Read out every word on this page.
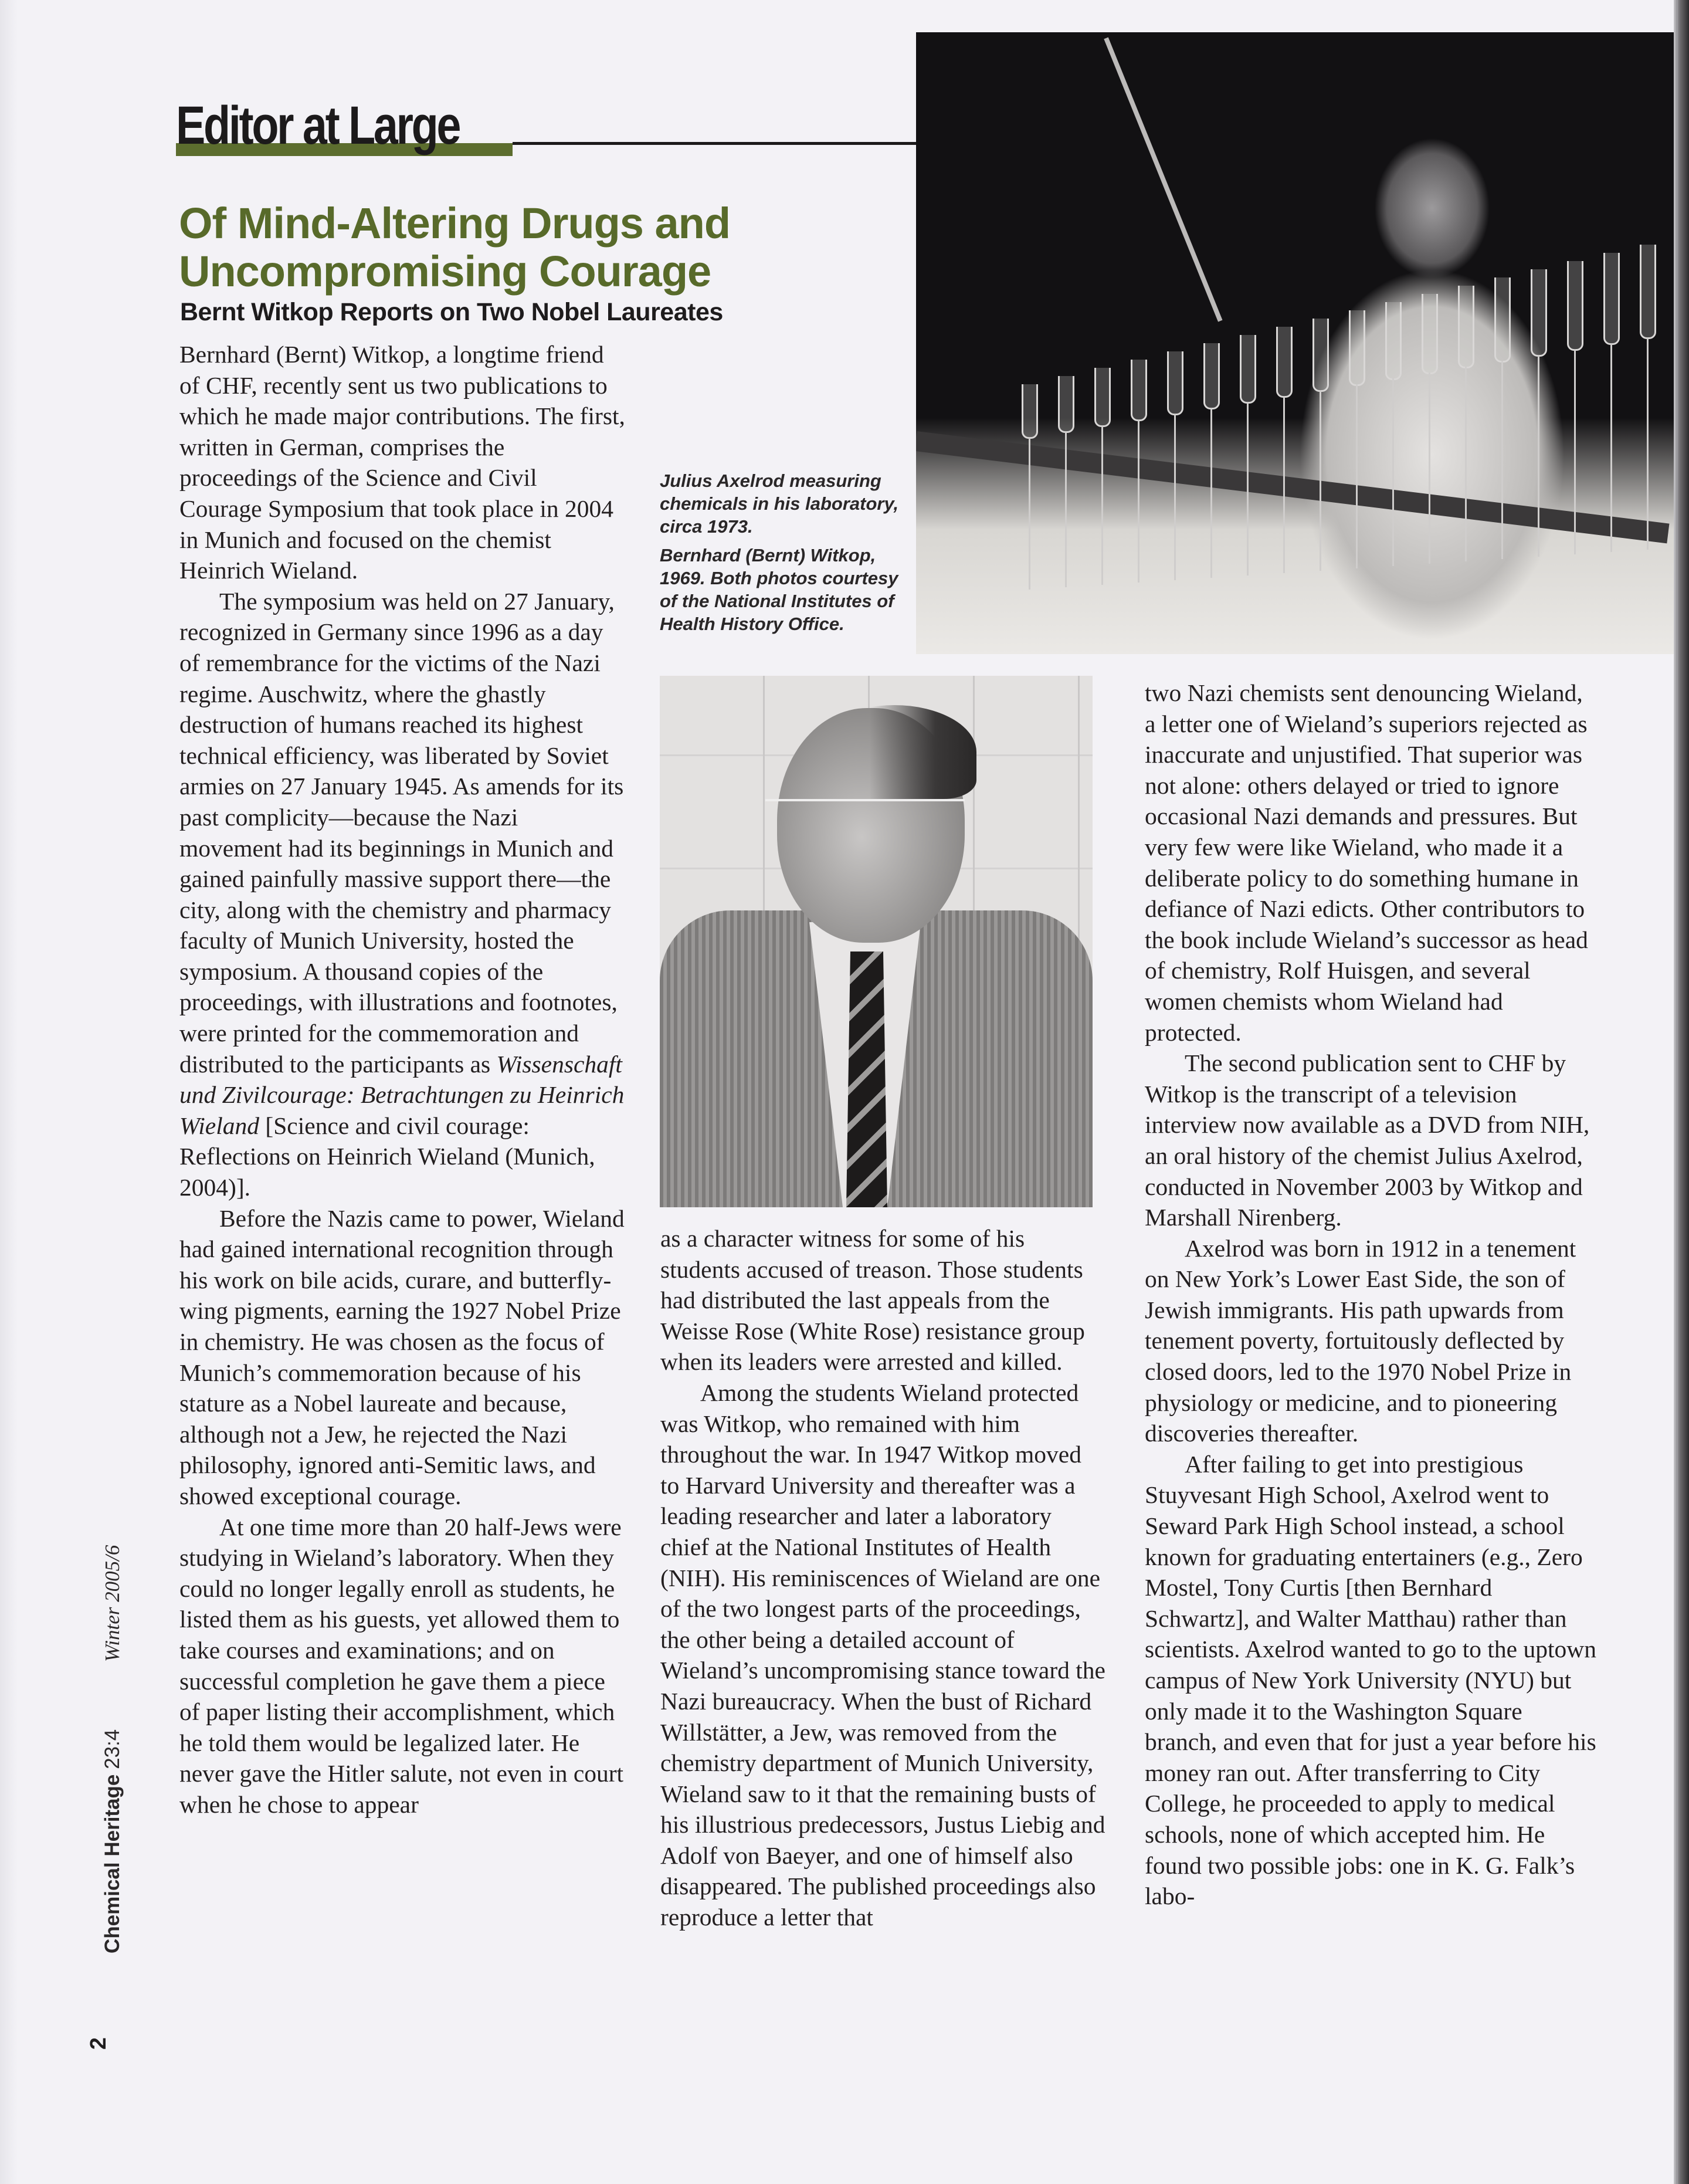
Editor at Large
Of Mind-Altering Drugs and
Uncompromising Courage
Bernt Witkop Reports on Two Nobel Laureates

Julius Axelrod measuring chemicals in his laboratory, circa 1973.

Bernhard (Bernt) Witkop, 1969. Both photos courtesy of the National Institutes of Health History Office.

Bernhard (Bernt) Witkop, a longtime friend of CHF, recently sent us two publications to which he made major contributions. The first, written in German, comprises the proceedings of the Science and Civil Courage Symposium that took place in 2004 in Munich and focused on the chemist Heinrich Wieland.

The symposium was held on 27 January, recognized in Germany since 1996 as a day of remembrance for the victims of the Nazi regime. Auschwitz, where the ghastly destruction of humans reached its highest technical efficiency, was liberated by Soviet armies on 27 January 1945. As amends for its past complicity—because the Nazi movement had its beginnings in Munich and gained painfully massive support there—the city, along with the chemistry and pharmacy faculty of Munich University, hosted the symposium. A thousand copies of the proceedings, with illustrations and footnotes, were printed for the commemoration and distributed to the participants as Wissenschaft und Zivilcourage: Betrachtungen zu Heinrich Wieland [Science and civil courage: Reflections on Heinrich Wieland (Munich, 2004)].

Before the Nazis came to power, Wieland had gained international recognition through his work on bile acids, curare, and butterfly-wing pigments, earning the 1927 Nobel Prize in chemistry. He was chosen as the focus of Munich’s commemoration because of his stature as a Nobel laureate and because, although not a Jew, he rejected the Nazi philosophy, ignored anti-Semitic laws, and showed exceptional courage.

At one time more than 20 half-Jews were studying in Wieland’s laboratory. When they could no longer legally enroll as students, he listed them as his guests, yet allowed them to take courses and examinations; and on successful completion he gave them a piece of paper listing their accomplishment, which he told them would be legalized later. He never gave the Hitler salute, not even in court when he chose to appear

as a character witness for some of his students accused of treason. Those students had distributed the last appeals from the Weisse Rose (White Rose) resistance group when its leaders were arrested and killed.

Among the students Wieland protected was Witkop, who remained with him throughout the war. In 1947 Witkop moved to Harvard University and thereafter was a leading researcher and later a laboratory chief at the National Institutes of Health (NIH). His reminiscences of Wieland are one of the two longest parts of the proceedings, the other being a detailed account of Wieland’s uncompromising stance toward the Nazi bureaucracy. When the bust of Richard Willstätter, a Jew, was removed from the chemistry department of Munich University, Wieland saw to it that the remaining busts of his illustrious predecessors, Justus Liebig and Adolf von Baeyer, and one of himself also disappeared. The published proceedings also reproduce a letter that

two Nazi chemists sent denouncing Wieland, a letter one of Wieland’s superiors rejected as inaccurate and unjustified. That superior was not alone: others delayed or tried to ignore occasional Nazi demands and pressures. But very few were like Wieland, who made it a deliberate policy to do something humane in defiance of Nazi edicts. Other contributors to the book include Wieland’s successor as head of chemistry, Rolf Huisgen, and several women chemists whom Wieland had protected.

The second publication sent to CHF by Witkop is the transcript of a television interview now available as a DVD from NIH, an oral history of the chemist Julius Axelrod, conducted in November 2003 by Witkop and Marshall Nirenberg.

Axelrod was born in 1912 in a tenement on New York’s Lower East Side, the son of Jewish immigrants. His path upwards from tenement poverty, fortuitously deflected by closed doors, led to the 1970 Nobel Prize in physiology or medicine, and to pioneering discoveries thereafter.

After failing to get into prestigious Stuyvesant High School, Axelrod went to Seward Park High School instead, a school known for graduating entertainers (e.g., Zero Mostel, Tony Curtis [then Bernhard Schwartz], and Walter Matthau) rather than scientists. Axelrod wanted to go to the uptown campus of New York University (NYU) but only made it to the Washington Square branch, and even that for just a year before his money ran out. After transferring to City College, he proceeded to apply to medical schools, none of which accepted him. He found two possible jobs: one in K. G. Falk’s labo-

Chemical Heritage 23:4 Winter 2005/6
2
